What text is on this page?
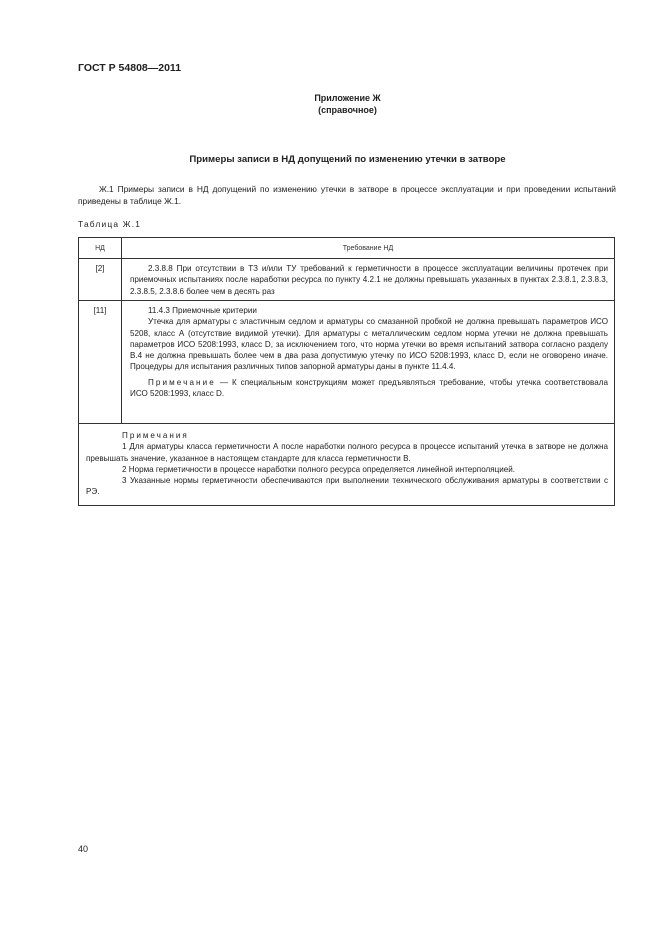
ГОСТ Р 54808—2011
Приложение Ж
(справочное)
Примеры записи в НД допущений по изменению утечки в затворе
Ж.1 Примеры записи в НД допущений по изменению утечки в затворе в процессе эксплуатации и при проведении испытаний приведены в таблице Ж.1.
Таблица Ж.1
НД	Требование НД
[2]	2.3.8.8 При отсутствии в ТЗ и/или ТУ требований к герметичности в процессе эксплуатации величины протечек при приемочных испытаниях после наработки ресурса по пункту 4.2.1 не должны превышать указанных в пунктах 2.3.8.1, 2.3.8.3, 2.3.8.5, 2.3.8.6 более чем в десять раз
[11]	11.4.3 Приемочные критерии
Утечка для арматуры с эластичным седлом и арматуры со смазанной пробкой не должна превышать параметров ИСО 5208, класс А (отсутствие видимой утечки). Для арматуры с металлическим седлом норма утечки не должна превышать параметров ИСО 5208:1993, класс D, за исключением того, что норма утечки во время испытаний затвора согласно разделу В.4 не должна превышать более чем в два раза допустимую утечку по ИСО 5208:1993, класс D, если не оговорено иначе. Процедуры для испытания различных типов запорной арматуры даны в пункте 11.4.4.
Примечание — К специальным конструкциям может предъявляться требование, чтобы утечка соответствовала ИСО 5208:1993, класс D.
Примечания
1 Для арматуры класса герметичности А после наработки полного ресурса в процессе испытаний утечка в затворе не должна превышать значение, указанное в настоящем стандарте для класса герметичности В.
2 Норма герметичности в процессе наработки полного ресурса определяется линейной интерполяцией.
3 Указанные нормы герметичности обеспечиваются при выполнении технического обслуживания арматуры в соответствии с РЭ.
40
